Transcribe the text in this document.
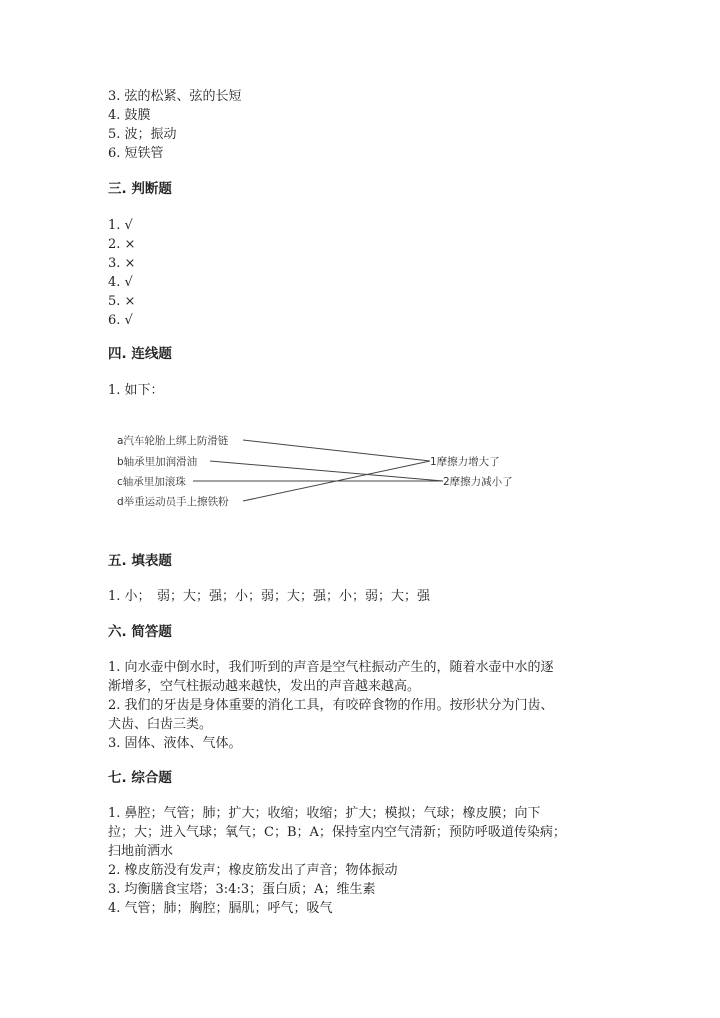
3. 弦的松紧、弦的长短
4. 鼓膜
5. 波；振动
6. 短铁管
三. 判断题
1. √
2. ×
3. ×
4. √
5. ×
6. √
四. 连线题
1. 如下：
a汽车轮胎上绑上防滑链
b轴承里加润滑油
c轴承里加滚珠
d举重运动员手上擦铁粉
1摩擦力增大了
2摩擦力减小了
五. 填表题
1. 小；　弱；大；强；小；弱；大；强；小；弱；大；强
六. 简答题
1. 向水壶中倒水时，我们听到的声音是空气柱振动产生的，随着水壶中水的逐
渐增多，空气柱振动越来越快，发出的声音越来越高。
2. 我们的牙齿是身体重要的消化工具，有咬碎食物的作用。按形状分为门齿、
犬齿、臼齿三类。
3. 固体、液体、气体。
七. 综合题
1. 鼻腔；气管；肺；扩大；收缩；收缩；扩大；模拟；气球；橡皮膜；向下
拉；大；进入气球；氧气；C；B；A；保持室内空气清新；预防呼吸道传染病；
扫地前洒水
2. 橡皮筋没有发声；橡皮筋发出了声音；物体振动
3. 均衡膳食宝塔；3:4:3；蛋白质；A；维生素
4. 气管；肺；胸腔；膈肌；呼气；吸气
